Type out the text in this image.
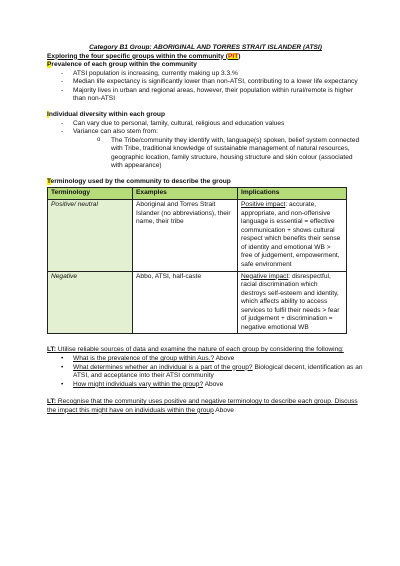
Category B1 Group: ABORIGINAL AND TORRES STRAIT ISLANDER (ATSI)

Exploring the four specific groups within the community (PIT)

Prevalence of each group within the community

- ATSI population is increasing, currently making up 3.3.%
- Median life expectancy is significantly lower than non-ATSI, contributing to a lower life expectancy
- Majority lives in urban and regional areas, however, their population within rural/remote is higher than non-ATSI

Individual diversity within each group

- Can vary due to personal, family, cultural, religious and education values
- Variance can also stem from:
o The Tribe/community they identify with, language(s) spoken, belief system connected with Tribe, traditional knowledge of sustainable management of natural resources, geographic location, family structure, housing structure and skin colour (associated with appearance)

Terminology used by the community to describe the group

Terminology	Examples	Implications
Positive/ neutral	Aboriginal and Torres Strait Islander (no abbreviations), their name, their tribe	Positive impact: accurate, appropriate, and non-offensive language is essential = effective communication + shows cultural respect which benefits their sense of identity and emotional WB > free of judgement, empowerment, safe environment
Negative	Abbo, ATSI, half-caste	Negative impact: disrespectful, racial discrimination which destroys self-esteem and identity, which affects ability to access services to fulfil their needs > fear of judgement + discrimination = negative emotional WB

LT: Utilise reliable sources of data and examine the nature of each group by considering the following:

• What is the prevalence of the group within Aus.? Above
• What determines whether an individual is a part of the group? Biological decent, identification as an ATSI, and acceptance into their ATSI community
• How might individuals vary within the group? Above

LT: Recognise that the community uses positive and negative terminology to describe each group. Discuss the impact this might have on individuals within the group Above
